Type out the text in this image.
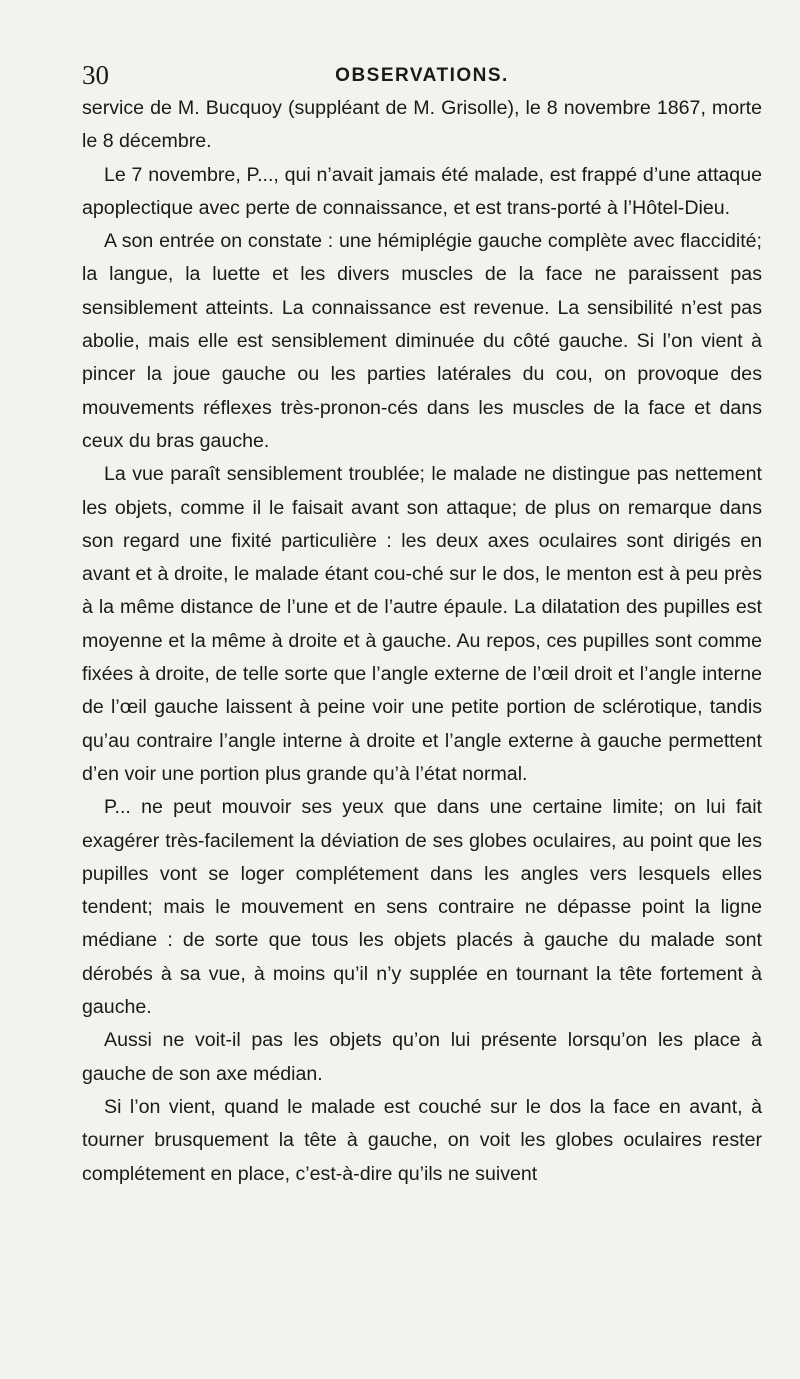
30	OBSERVATIONS.

service de M. Bucquoy (suppléant de M. Grisolle), le 8 novembre 1867, morte le 8 décembre.

Le 7 novembre, P..., qui n’avait jamais été malade, est frappé d’une attaque apoplectique avec perte de connaissance, et est trans-porté à l’Hôtel-Dieu.

A son entrée on constate : une hémiplégie gauche complète avec flaccidité; la langue, la luette et les divers muscles de la face ne paraissent pas sensiblement atteints. La connaissance est revenue. La sensibilité n’est pas abolie, mais elle est sensiblement diminuée du côté gauche. Si l’on vient à pincer la joue gauche ou les parties latérales du cou, on provoque des mouvements réflexes très-pronon-cés dans les muscles de la face et dans ceux du bras gauche.

La vue paraît sensiblement troublée; le malade ne distingue pas nettement les objets, comme il le faisait avant son attaque; de plus on remarque dans son regard une fixité particulière : les deux axes oculaires sont dirigés en avant et à droite, le malade étant cou-ché sur le dos, le menton est à peu près à la même distance de l’une et de l’autre épaule. La dilatation des pupilles est moyenne et la même à droite et à gauche. Au repos, ces pupilles sont comme fixées à droite, de telle sorte que l’angle externe de l’œil droit et l’angle interne de l’œil gauche laissent à peine voir une petite portion de sclérotique, tandis qu’au contraire l’angle interne à droite et l’angle externe à gauche permettent d’en voir une portion plus grande qu’à l’état normal.

P... ne peut mouvoir ses yeux que dans une certaine limite; on lui fait exagérer très-facilement la déviation de ses globes oculaires, au point que les pupilles vont se loger complétement dans les angles vers lesquels elles tendent; mais le mouvement en sens contraire ne dépasse point la ligne médiane : de sorte que tous les objets placés à gauche du malade sont dérobés à sa vue, à moins qu’il n’y supplée en tournant la tête fortement à gauche.

Aussi ne voit-il pas les objets qu’on lui présente lorsqu’on les place à gauche de son axe médian.

Si l’on vient, quand le malade est couché sur le dos la face en avant, à tourner brusquement la tête à gauche, on voit les globes oculaires rester complétement en place, c’est-à-dire qu’ils ne suivent
